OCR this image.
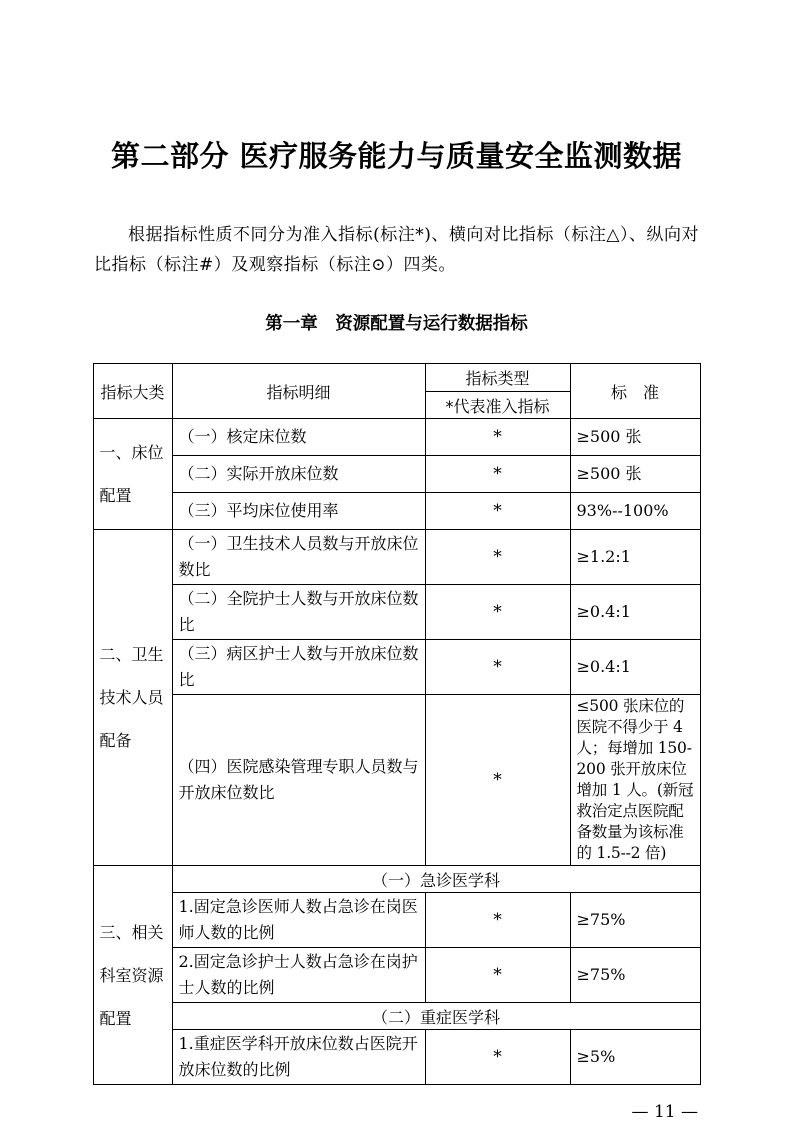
第二部分 医疗服务能力与质量安全监测数据

根据指标性质不同分为准入指标(标注*)、横向对比指标（标注△）、纵向对比指标（标注#）及观察指标（标注⊙）四类。

第一章　资源配置与运行数据指标
指标大类	指标明细	指标类型	标　准
		*代表准入指标	
一、床位配置	（一）核定床位数	*	≥500 张
	（二）实际开放床位数	*	≥500 张
	（三）平均床位使用率	*	93%--100%
二、卫生技术人员配备	（一）卫生技术人员数与开放床位数比	*	≥1.2:1
	（二）全院护士人数与开放床位数比	*	≥0.4:1
	（三）病区护士人数与开放床位数比	*	≥0.4:1
	（四）医院感染管理专职人员数与开放床位数比	*	≤500 张床位的医院不得少于 4 人；每增加 150-200 张开放床位增加 1 人。(新冠救治定点医院配备数量为该标准的 1.5--2 倍)
三、相关科室资源配置	（一）急诊医学科		
	1.固定急诊医师人数占急诊在岗医师人数的比例	*	≥75%
	2.固定急诊护士人数占急诊在岗护士人数的比例	*	≥75%
	（二）重症医学科		
	1.重症医学科开放床位数占医院开放床位数的比例	*	≥5%
— 11 —
